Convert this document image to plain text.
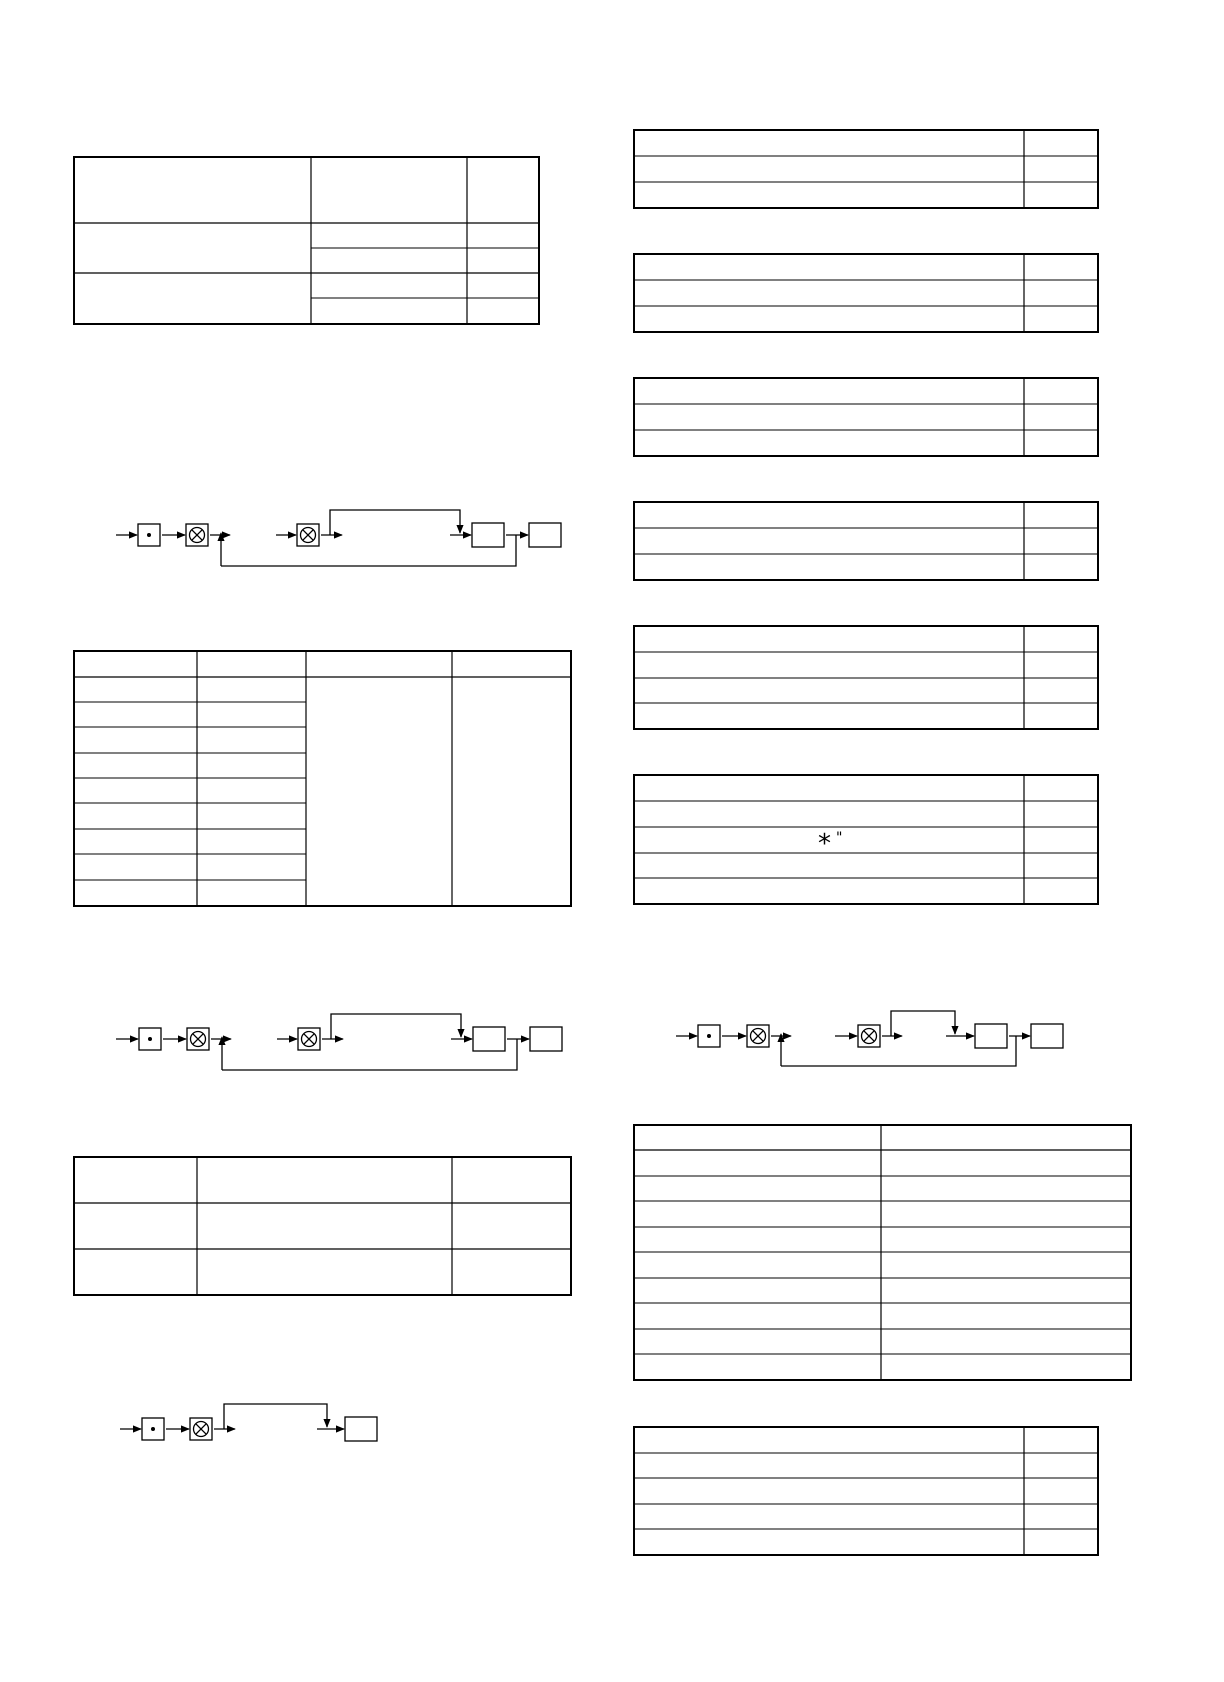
* "
